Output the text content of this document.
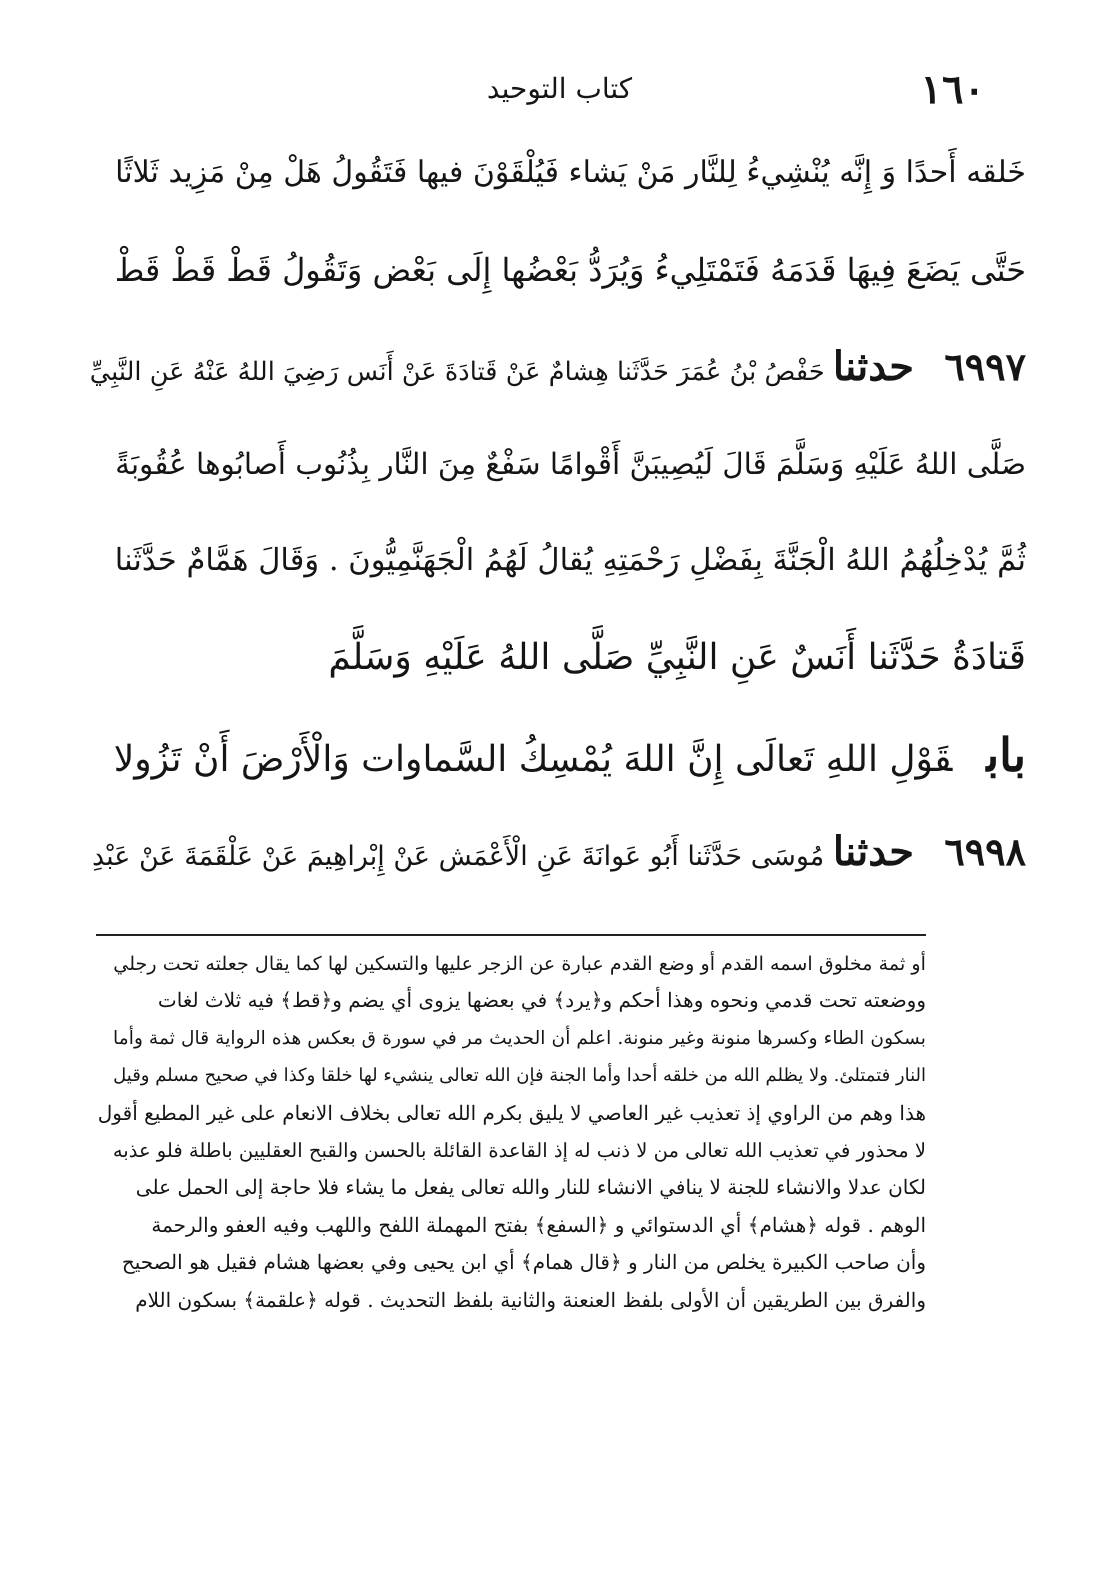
١٦٠
كتاب التوحيد
خَلقه أَحدًا وَ إِنَّه يُنْشِيءُ لِلنَّار مَنْ يَشاء فَيُلْقَوْنَ فيها فَتَقُولُ هَلْ مِنْ مَزِيد ثَلاثًا
حَتَّى يَضَعَ فِيهَا قَدَمَهُ فَتَمْتَلِيءُ وَيُرَدُّ بَعْضُها إِلَى بَعْض وَتَقُولُ قَطْ قَطْ قَطْ
٦٩٩٧
حدثنا حَفْصُ بْنُ عُمَرَ حَدَّثَنا هِشامٌ عَنْ قَتادَةَ عَنْ أَنَس رَضِيَ اللهُ عَنْهُ عَنِ النَّبِيِّ
صَلَّى اللهُ عَلَيْهِ وَسَلَّمَ قَالَ لَيُصِيبَنَّ أَقْوامًا سَفْعٌ مِنَ النَّار بِذُنُوب أَصابُوها عُقُوبَةً
ثُمَّ يُدْخِلُهُمُ اللهُ الْجَنَّةَ بِفَضْلِ رَحْمَتِهِ يُقالُ لَهُمُ الْجَهَنَّمِيُّونَ . وَقَالَ هَمَّامٌ حَدَّثَنا
قَتادَةُ حَدَّثَنا أَنَسٌ عَنِ النَّبِيِّ صَلَّى اللهُ عَلَيْهِ وَسَلَّمَ
بابقَوْلِ اللهِ تَعالَى إِنَّ اللهَ يُمْسِكُ السَّماوات وَالْأَرْضَ أَنْ تَزُولا
٦٩٩٨
حدثنا مُوسَى حَدَّثَنا أَبُو عَوانَةَ عَنِ الْأَعْمَش عَنْ إِبْراهِيمَ عَنْ عَلْقَمَةَ عَنْ عَبْدِ
أو ثمة مخلوق اسمه القدم أو وضع القدم عبارة عن الزجر عليها والتسكين لها كما يقال جعلته تحت رجلي
ووضعته تحت قدمي ونحوه وهذا أحكم و﴿يرد﴾ في بعضها يزوى أي يضم و﴿قط﴾ فيه ثلاث لغات
بسكون الطاء وكسرها منونة وغير منونة. اعلم أن الحديث مر في سورة ق بعكس هذه الرواية قال ثمة وأما
النار فتمتلئ. ولا يظلم الله من خلقه أحدا وأما الجنة فإن الله تعالى ينشيء لها خلقا وكذا في صحيح مسلم وقيل
هذا وهم من الراوي إذ تعذيب غير العاصي لا يليق بكرم الله تعالى بخلاف الانعام على غير المطيع أقول
لا محذور في تعذيب الله تعالى من لا ذنب له إذ القاعدة القائلة بالحسن والقبح العقليين باطلة فلو عذبه
لكان عدلا والانشاء للجنة لا ينافي الانشاء للنار والله تعالى يفعل ما يشاء فلا حاجة إلى الحمل على
الوهم . قوله ﴿هشام﴾ أي الدستوائي و ﴿السفع﴾ بفتح المهملة اللفح واللهب وفيه العفو والرحمة
وأن صاحب الكبيرة يخلص من النار و ﴿قال همام﴾ أي ابن يحيى وفي بعضها هشام فقيل هو الصحيح
والفرق بين الطريقين أن الأولى بلفظ العنعنة والثانية بلفظ التحديث . قوله ﴿علقمة﴾ بسكون اللام
